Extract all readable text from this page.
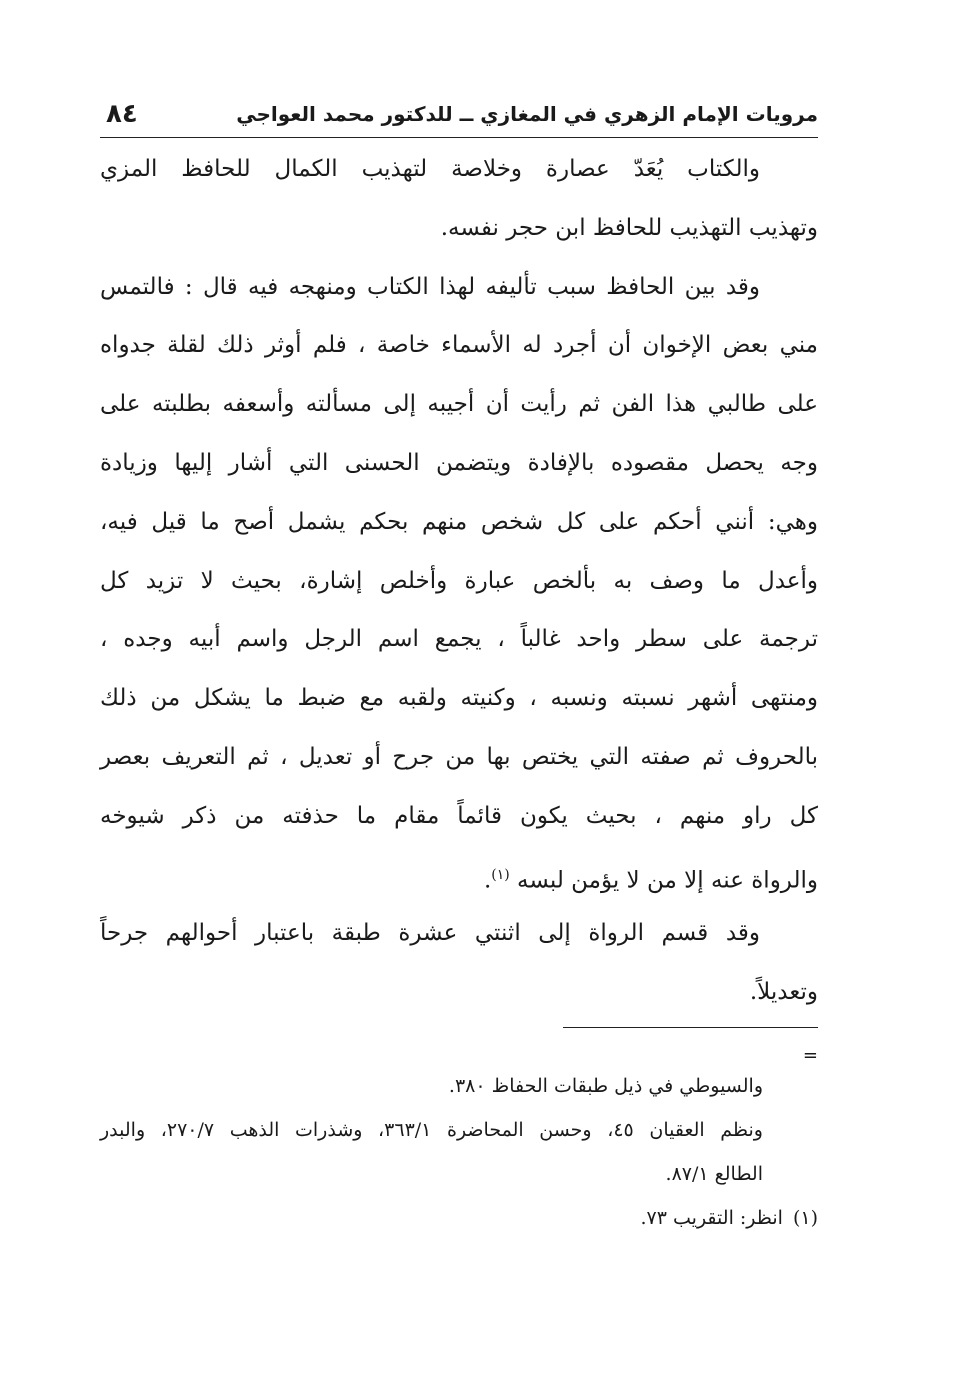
مرويات الإمام الزهري في المغازي ــ للدكتور محمد العواجي
٨٤
والكتاب يُعَدّ عصارة وخلاصة لتهذيب الكمال للحافظ المزي
وتهذيب التهذيب للحافظ ابن حجر نفسه.
وقد بين الحافظ سبب تأليفه لهذا الكتاب ومنهجه فيه قال : فالتمس
مني بعض الإخوان أن أجرد له الأسماء خاصة ، فلم أوثر ذلك لقلة جدواه
على طالبي هذا الفن ثم رأيت أن أجيبه إلى مسألته وأسعفه بطلبته على
وجه يحصل مقصوده بالإفادة ويتضمن الحسنى التي أشار إليها وزيادة
وهي: أنني أحكم على كل شخص منهم بحكم يشمل أصح ما قيل فيه،
وأعدل ما وصف به بألخص عبارة وأخلص إشارة، بحيث لا تزيد كل
ترجمة على سطر واحد غالباً ، يجمع اسم الرجل واسم أبيه وجده ،
ومنتهى أشهر نسبته ونسبه ، وكنيته ولقبه مع ضبط ما يشكل من ذلك
بالحروف ثم صفته التي يختص بها من جرح أو تعديل ، ثم التعريف بعصر
كل راو منهم ، بحيث يكون قائماً مقام ما حذفته من ذكر شيوخه
والرواة عنه إلا من لا يؤمن لبسه $^{(١)}$.
وقد قسم الرواة إلى اثنتي عشرة طبقة باعتبار أحوالهم جرحاً
وتعديلاً.
=
والسيوطي في ذيل طبقات الحفاظ ٣٨٠.
ونظم العقيان ٤٥، وحسن المحاضرة ٣٦٣/١، وشذرات الذهب ٢٧٠/٧، والبدر
الطالع ٨٧/١.
(١)انظر: التقريب ٧٣.
